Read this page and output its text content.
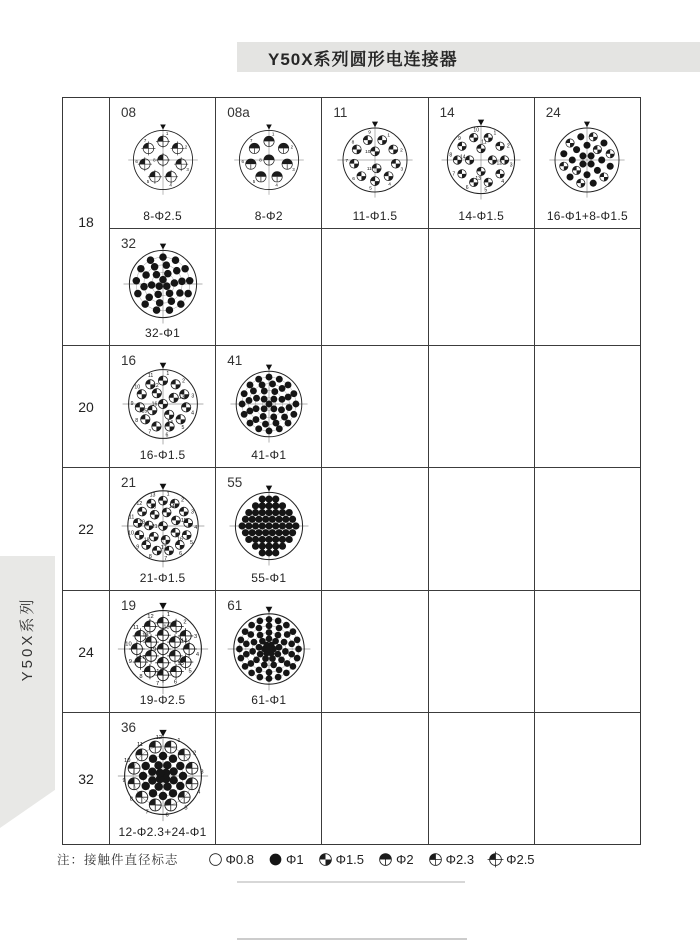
Y50X系列圆形电连接器
Y50X系列
18
08
1
2
3
4
5
6
7
8
8-Φ2.5
08a
1
2
3
4
5
6
7
8
8-Φ2
11
1
2
3
4
5
6
7
8
9
10
11
11-Φ1.5
14
1
2
3
4
5
6
7
8
9
10
11
12
13
14
14-Φ1.5
24
16-Φ1+8-Φ1.5
32
32-Φ1
20
16
1
2
3
4
5
6
7
8
9
10
11
12
13
14
15
16
16-Φ1.5
41
41-Φ1
22
21
1
2
3
4
5
6
7
8
9
10
11
12
13
14
15
16
17
18
19
20
21
21-Φ1.5
55
55-Φ1
24
19
1
2
3
4
5
6
7
8
9
10
11
12
13
14
15
16
17
18
19
19-Φ2.5
61
61-Φ1
32
36
1
2
3
4
5
6
7
8
9
10
11
12
12-Φ2.3+24-Φ1
注：接触件直径标志	Φ0.8 Φ1 Φ1.5 Φ2 Φ2.3 Φ2.5
